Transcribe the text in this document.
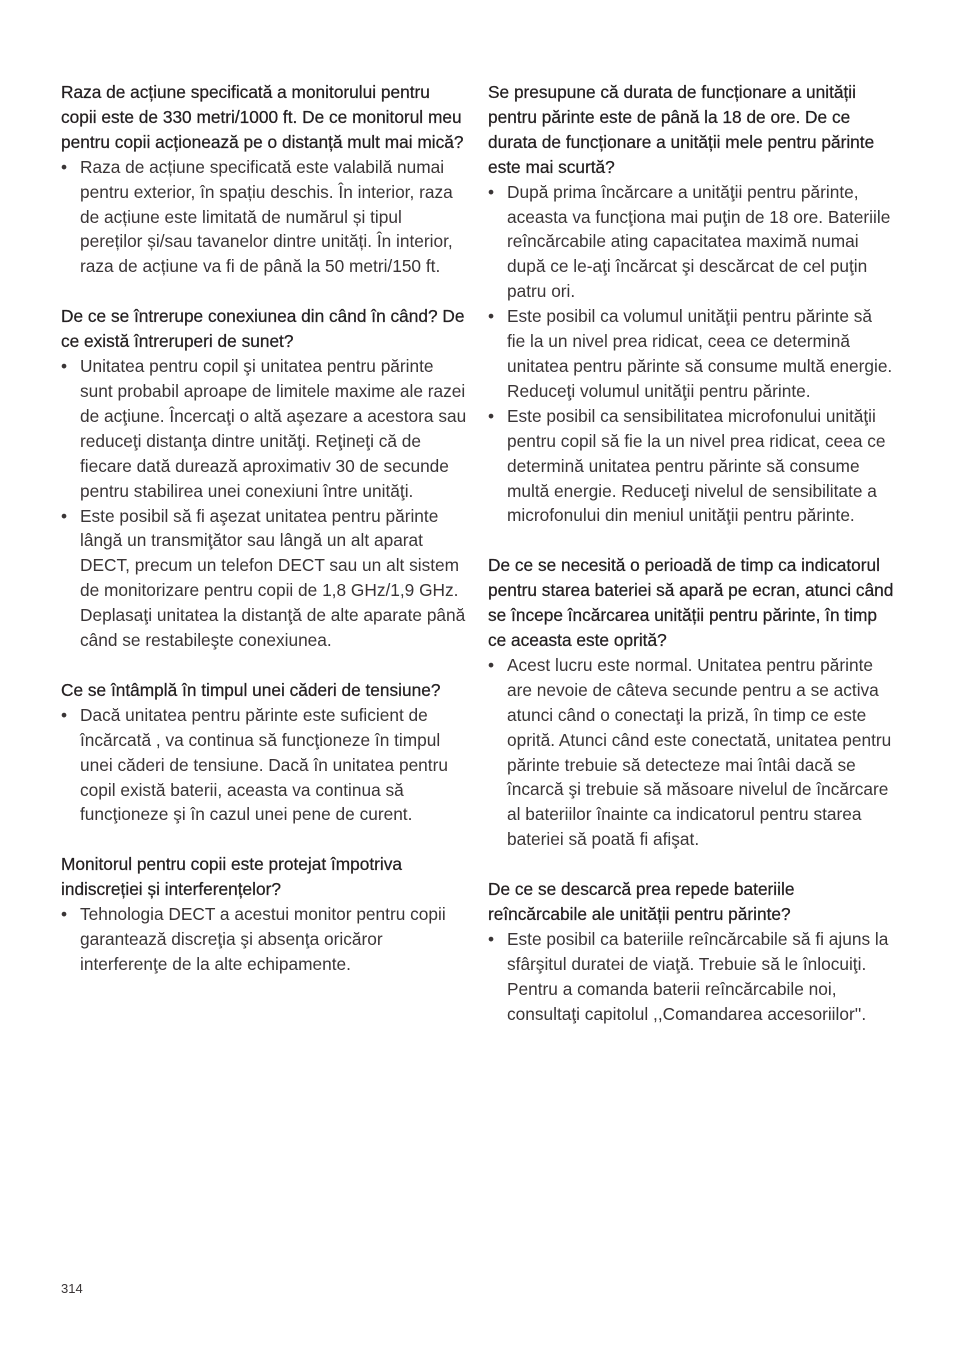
Raza de acțiune specificată a monitorului pentru copii este de 330 metri/1000 ft. De ce monitorul meu pentru copii acționează pe o distanță mult mai mică?

• Raza de acțiune specificată este valabilă numai pentru exterior, în spațiu deschis. În interior, raza de acțiune este limitată de numărul și tipul pereților și/sau tavanelor dintre unități. În interior, raza de acțiune va fi de până la 50 metri/150 ft.

De ce se întrerupe conexiunea din când în când? De ce există întreruperi de sunet?

• Unitatea pentru copil şi unitatea pentru părinte sunt probabil aproape de limitele maxime ale razei de acţiune. Încercaţi o altă aşezare a acestora sau reduceţi distanţa dintre unităţi. Reţineţi că de fiecare dată durează aproximativ 30 de secunde pentru stabilirea unei conexiuni între unităţi.
• Este posibil să fi aşezat unitatea pentru părinte lângă un transmiţător sau lângă un alt aparat DECT, precum un telefon DECT sau un alt sistem de monitorizare pentru copii de 1,8 GHz/1,9 GHz. Deplasaţi unitatea la distanţă de alte aparate până când se restabileşte conexiunea.

Ce se întâmplă în timpul unei căderi de tensiune?

• Dacă unitatea pentru părinte este suficient de încărcată , va continua să funcţioneze în timpul unei căderi de tensiune. Dacă în unitatea pentru copil există baterii, aceasta va continua să funcţioneze şi în cazul unei pene de curent.

Monitorul pentru copii este protejat împotriva indiscreției și interferențelor?

• Tehnologia DECT a acestui monitor pentru copii garantează discreţia şi absenţa oricăror interferenţe de la alte echipamente.

Se presupune că durata de funcționare a unității pentru părinte este de până la 18 de ore. De ce durata de funcționare a unității mele pentru părinte este mai scurtă?

• După prima încărcare a unităţii pentru părinte, aceasta va funcţiona mai puţin de 18 ore. Bateriile reîncărcabile ating capacitatea maximă numai după ce le-aţi încărcat şi descărcat de cel puţin patru ori.
• Este posibil ca volumul unităţii pentru părinte să fie la un nivel prea ridicat, ceea ce determină unitatea pentru părinte să consume multă energie. Reduceţi volumul unităţii pentru părinte.
• Este posibil ca sensibilitatea microfonului unităţii pentru copil să fie la un nivel prea ridicat, ceea ce determină unitatea pentru părinte să consume multă energie. Reduceţi nivelul de sensibilitate a microfonului din meniul unităţii pentru părinte.

De ce se necesită o perioadă de timp ca indicatorul pentru starea bateriei să apară pe ecran, atunci când se începe încărcarea unității pentru părinte, în timp ce aceasta este oprită?

• Acest lucru este normal. Unitatea pentru părinte are nevoie de câteva secunde pentru a se activa atunci când o conectaţi la priză, în timp ce este oprită. Atunci când este conectată, unitatea pentru părinte trebuie să detecteze mai întâi dacă se încarcă şi trebuie să măsoare nivelul de încărcare al bateriilor înainte ca indicatorul pentru starea bateriei să poată fi afişat.

De ce se descarcă prea repede bateriile reîncărcabile ale unității pentru părinte?

• Este posibil ca bateriile reîncărcabile să fi ajuns la sfârşitul duratei de viaţă. Trebuie să le înlocuiţi. Pentru a comanda baterii reîncărcabile noi, consultaţi capitolul ,,Comandarea accesoriilor''.
314
